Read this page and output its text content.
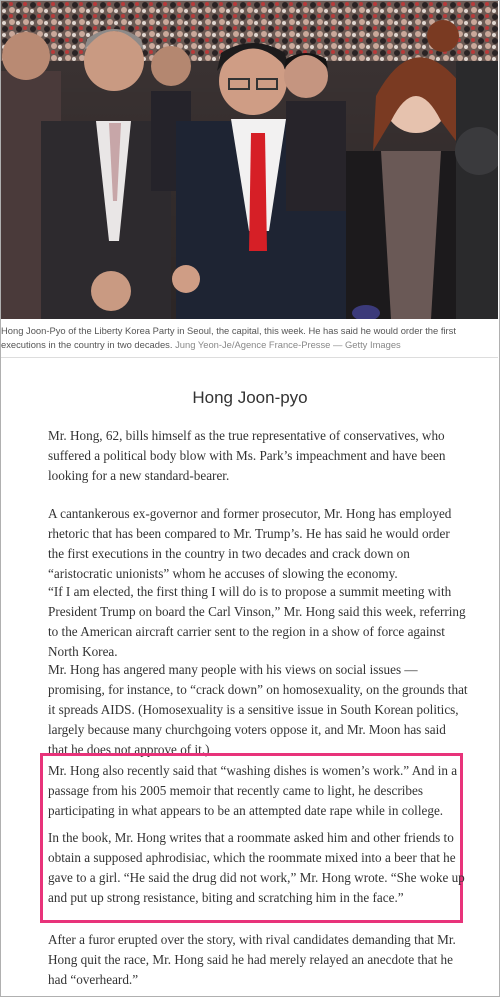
Hong Joon-Pyo of the Liberty Korea Party in Seoul, the capital, this week. He has said he would order the first executions in the country in two decades. Jung Yeon-Je/Agence France-Presse — Getty Images
Hong Joon-pyo

Mr. Hong, 62, bills himself as the true representative of conservatives, who suffered a political body blow with Ms. Park’s impeachment and have been looking for a new standard-bearer.

A cantankerous ex-governor and former prosecutor, Mr. Hong has employed rhetoric that has been compared to Mr. Trump’s. He has said he would order the first executions in the country in two decades and crack down on “aristocratic unionists” whom he accuses of slowing the economy.

“If I am elected, the first thing I will do is to propose a summit meeting with President Trump on board the Carl Vinson,” Mr. Hong said this week, referring to the American aircraft carrier sent to the region in a show of force against North Korea.

Mr. Hong has angered many people with his views on social issues — promising, for instance, to “crack down” on homosexuality, on the grounds that it spreads AIDS. (Homosexuality is a sensitive issue in South Korean politics, largely because many churchgoing voters oppose it, and Mr. Moon has said that he does not approve of it.)

Mr. Hong also recently said that “washing dishes is women’s work.” And in a passage from his 2005 memoir that recently came to light, he describes participating in what appears to be an attempted date rape while in college.

In the book, Mr. Hong writes that a roommate asked him and other friends to obtain a supposed aphrodisiac, which the roommate mixed into a beer that he gave to a girl. “He said the drug did not work,” Mr. Hong wrote. “She woke up and put up strong resistance, biting and scratching him in the face.”

After a furor erupted over the story, with rival candidates demanding that Mr. Hong quit the race, Mr. Hong said he had merely relayed an anecdote that he had “overheard.”
